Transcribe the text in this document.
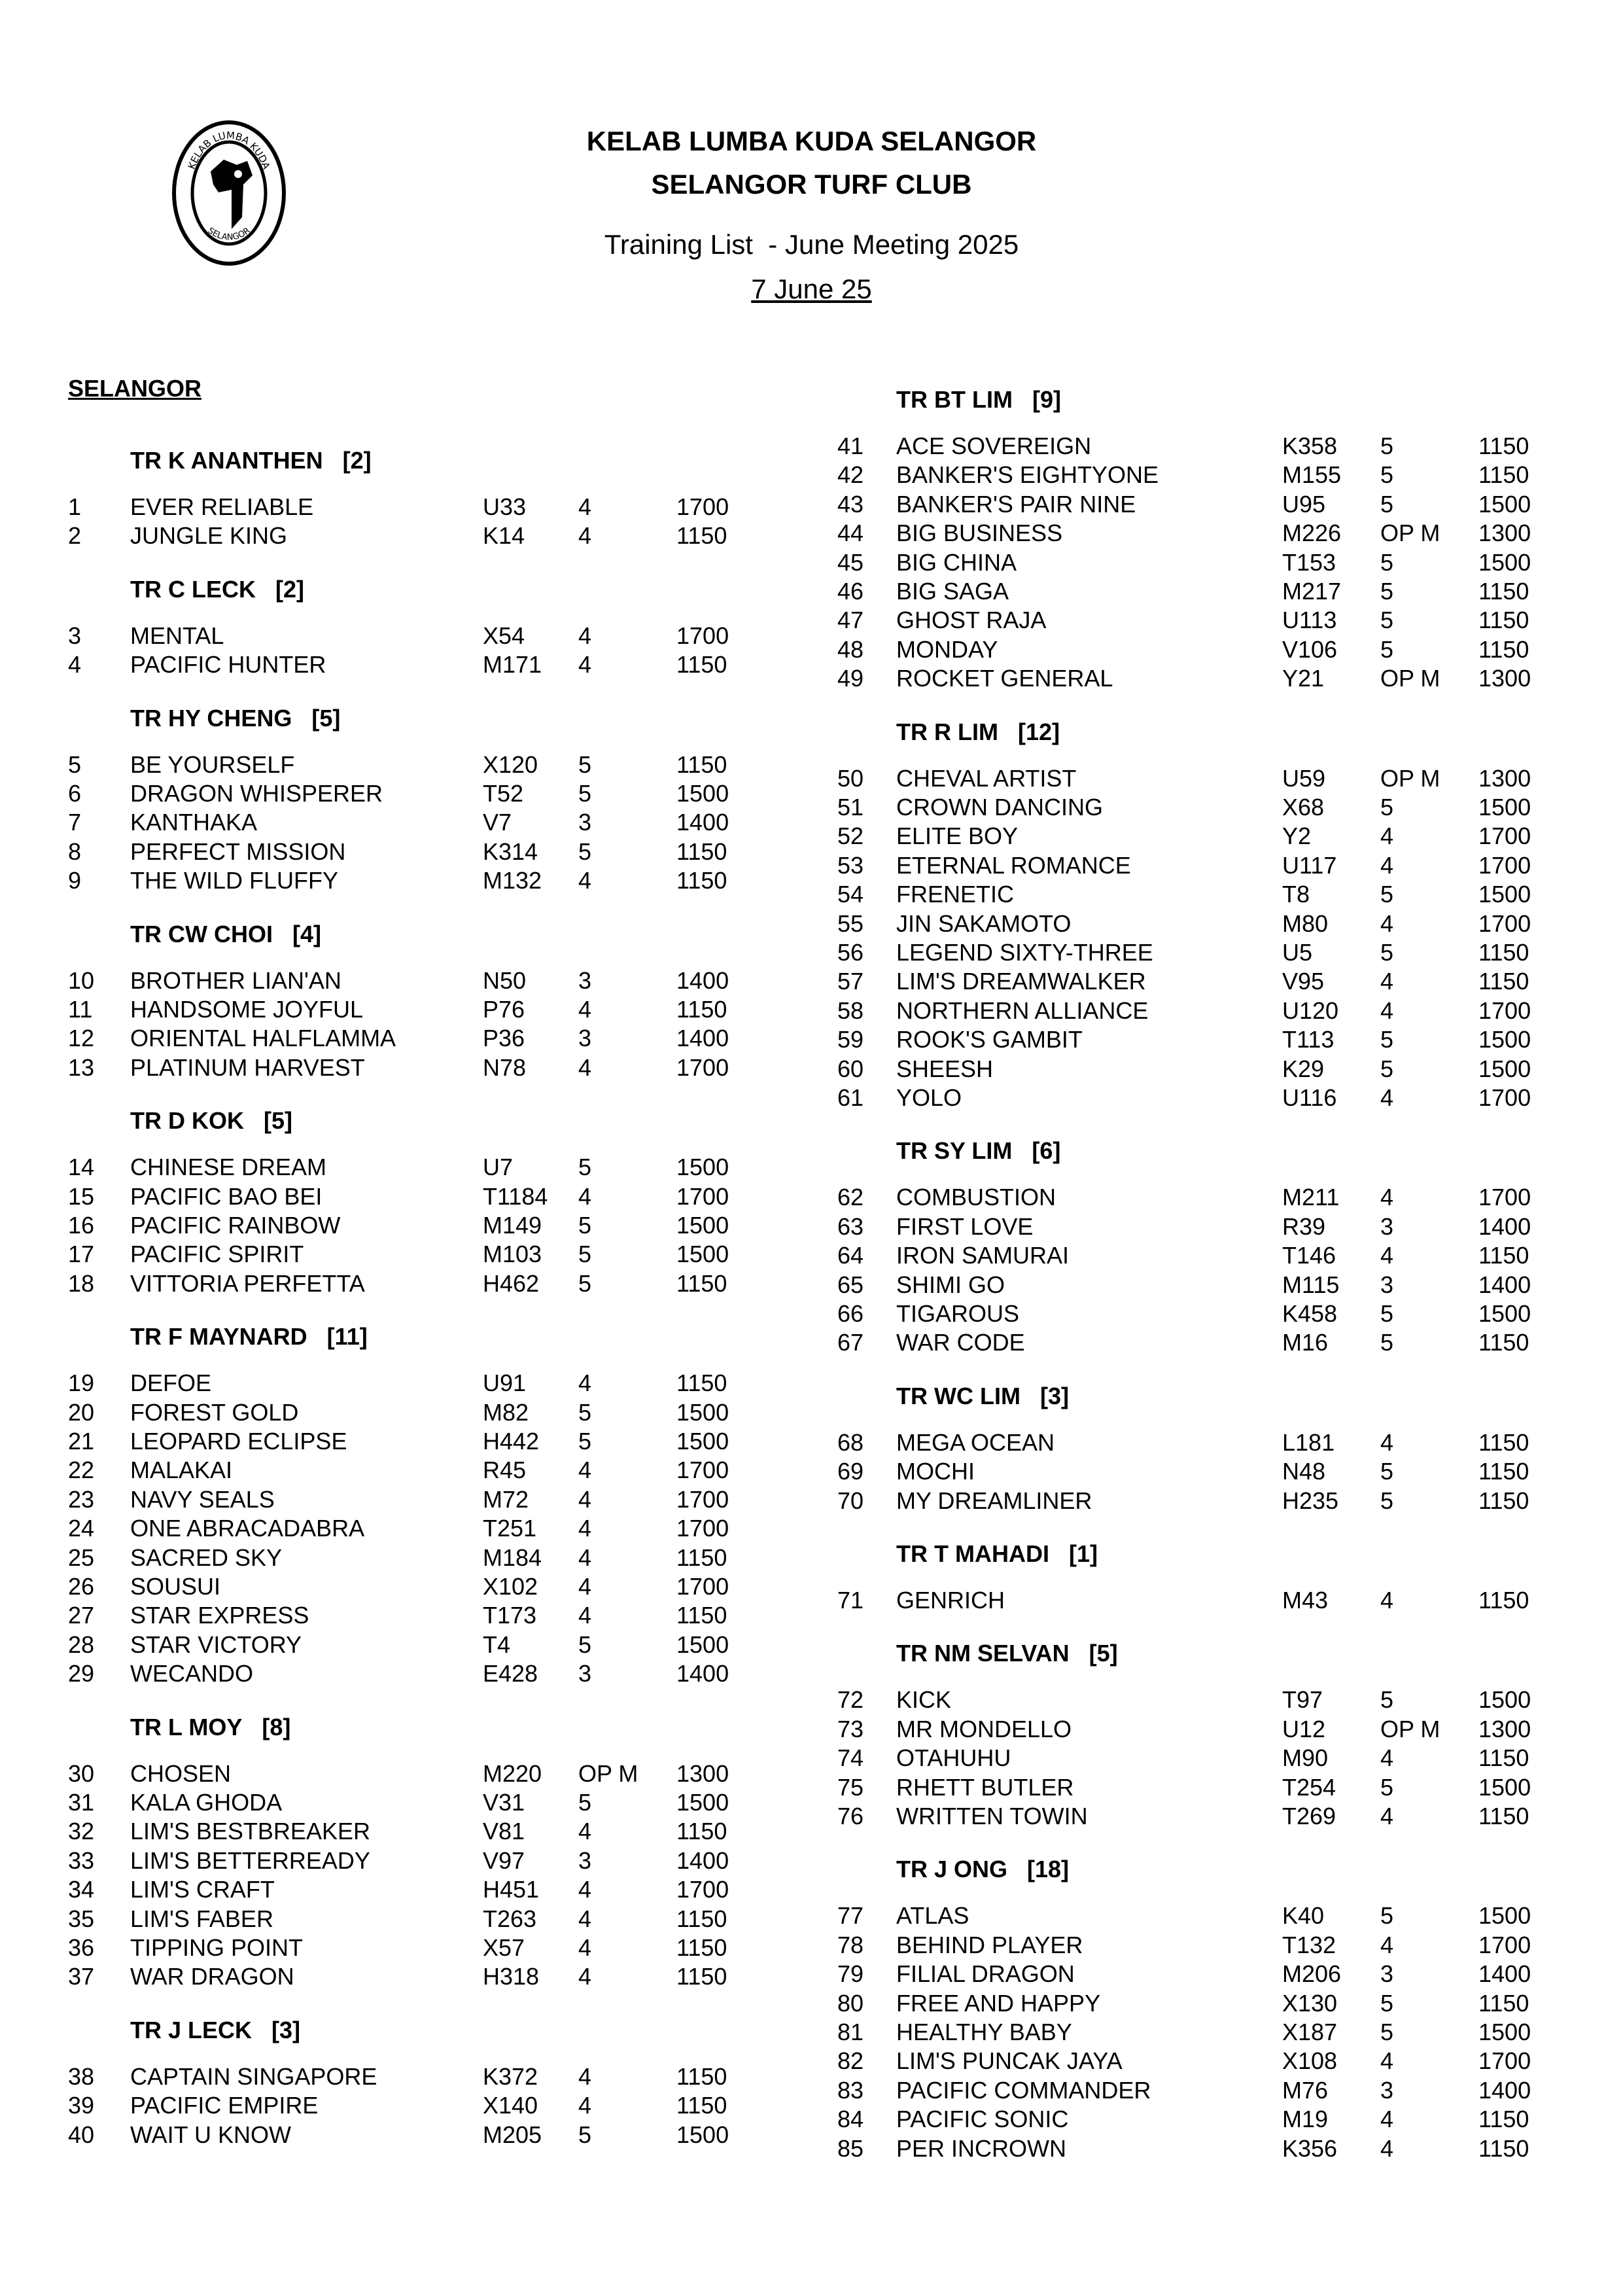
KELAB LUMBA KUDA
SELANGOR
KELAB LUMBA KUDA SELANGOR
SELANGOR TURF CLUB
Training List  - June Meeting 2025
7 June 25
SELANGOR
TR K ANANTHEN [2]
1 EVER RELIABLE	U33 4	1700
2 JUNGLE KING	K14 4	1150
TR C LECK [2]
3 MENTAL	X54 4	1700
4 PACIFIC HUNTER	M171 4	1150
TR HY CHENG [5]
5 BE YOURSELF	X120 5	1150
6 DRAGON WHISPERER	T52 5	1500
7 KANTHAKA	V7	3	1400
8 PERFECT MISSION	K314 5	1150
9 THE WILD FLUFFY	M132 4	1150
TR CW CHOI [4]
10 BROTHER LIAN'AN	N50 3	1400
11 HANDSOME JOYFUL	P76 4	1150
12 ORIENTAL HALFLAMMA	P36 3	1400
13 PLATINUM HARVEST	N78 4	1700
TR D KOK [5]
14 CHINESE DREAM	U7	5	1500
15 PACIFIC BAO BEI	T1184 4	1700
16 PACIFIC RAINBOW	M149 5	1500
17 PACIFIC SPIRIT	M103 5	1500
18 VITTORIA PERFETTA	H462 5	1150
TR F MAYNARD [11]
19 DEFOE	U91 4	1150
20 FOREST GOLD	M82 5	1500
21 LEOPARD ECLIPSE	H442 5	1500
22 MALAKAI	R45 4	1700
23 NAVY SEALS	M72 4	1700
24 ONE ABRACADABRA	T251 4	1700
25 SACRED SKY	M184 4	1150
26 SOUSUI	X102 4	1700
27 STAR EXPRESS	T173 4	1150
28 STAR VICTORY	T4	5	1500
29 WECANDO	E428 3	1400
TR L MOY [8]
30 CHOSEN	M220 OP M 1300
31 KALA GHODA	V31 5	1500
32 LIM'S BESTBREAKER	V81 4	1150
33 LIM'S BETTERREADY	V97 3	1400
34 LIM'S CRAFT	H451 4	1700
35 LIM'S FABER	T263 4	1150
36 TIPPING POINT	X57 4	1150
37 WAR DRAGON	H318 4	1150
TR J LECK [3]
38 CAPTAIN SINGAPORE	K372 4	1150
39 PACIFIC EMPIRE	X140 4	1150
40 WAIT U KNOW	M205 5	1500
TR BT LIM [9]
41 ACE SOVEREIGN	K358 5	1150
42 BANKER'S EIGHTYONE	M155 5	1150
43 BANKER'S PAIR NINE	U95 5	1500
44 BIG BUSINESS	M226 OP M 1300
45 BIG CHINA	T153 5	1500
46 BIG SAGA	M217 5	1150
47 GHOST RAJA	U113 5	1150
48 MONDAY	V106 5	1150
49 ROCKET GENERAL	Y21 OP M 1300
TR R LIM [12]
50 CHEVAL ARTIST	U59 OP M 1300
51 CROWN DANCING	X68 5	1500
52 ELITE BOY	Y2	4	1700
53 ETERNAL ROMANCE	U117 4	1700
54 FRENETIC	T8	5	1500
55 JIN SAKAMOTO	M80 4	1700
56 LEGEND SIXTY-THREE	U5	5	1150
57 LIM'S DREAMWALKER	V95 4	1150
58 NORTHERN ALLIANCE	U120 4	1700
59 ROOK'S GAMBIT	T113 5	1500
60 SHEESH	K29 5	1500
61 YOLO	U116 4	1700
TR SY LIM [6]
62 COMBUSTION	M211 4	1700
63 FIRST LOVE	R39 3	1400
64 IRON SAMURAI	T146 4	1150
65 SHIMI GO	M115 3	1400
66 TIGAROUS	K458 5	1500
67 WAR CODE	M16 5	1150
TR WC LIM [3]
68 MEGA OCEAN	L181 4	1150
69 MOCHI	N48 5	1150
70 MY DREAMLINER	H235 5	1150
TR T MAHADI [1]
71 GENRICH	M43 4	1150
TR NM SELVAN [5]
72 KICK	T97 5	1500
73 MR MONDELLO	U12 OP M 1300
74 OTAHUHU	M90 4	1150
75 RHETT BUTLER	T254 5	1500
76 WRITTEN TOWIN	T269 4	1150
TR J ONG [18]
77 ATLAS	K40 5	1500
78 BEHIND PLAYER	T132 4	1700
79 FILIAL DRAGON	M206 3	1400
80 FREE AND HAPPY	X130 5	1150
81 HEALTHY BABY	X187 5	1500
82 LIM'S PUNCAK JAYA	X108 4	1700
83 PACIFIC COMMANDER	M76 3	1400
84 PACIFIC SONIC	M19 4	1150
85 PER INCROWN	K356 4	1150
